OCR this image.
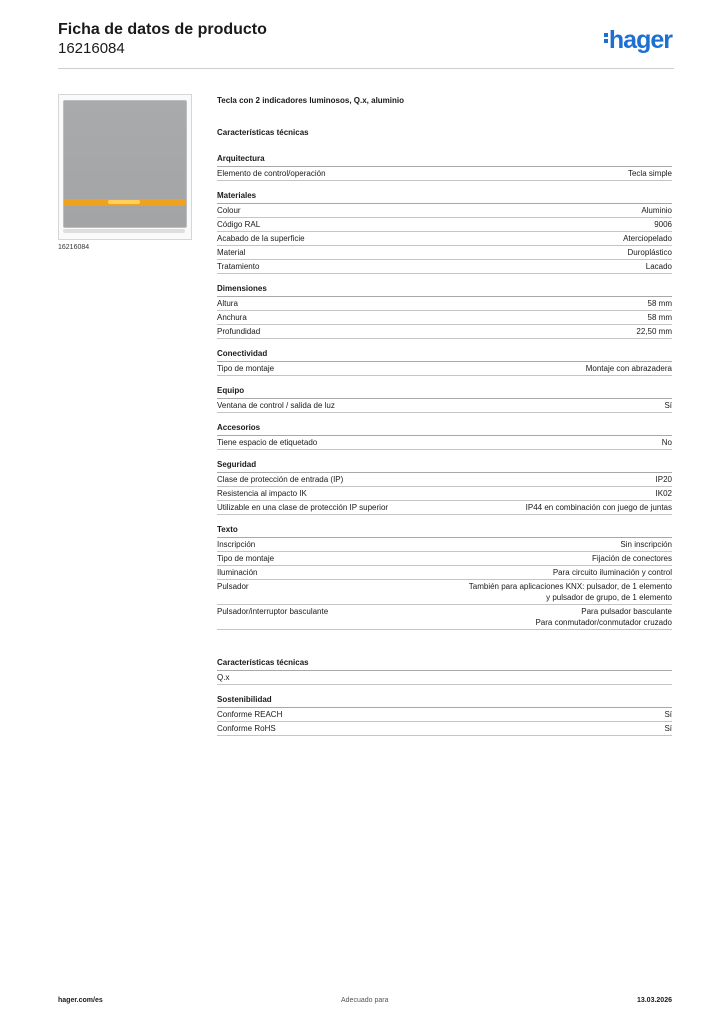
Ficha de datos de producto
16216084	hager
16216084
Tecla con 2 indicadores luminosos, Q.x, aluminio
Características técnicas
Arquitectura
Elemento de control/operación	Tecla simple
Materiales
Colour	Aluminio
Código RAL	9006
Acabado de la superficie	Aterciopelado
Material	Duroplástico
Tratamiento	Lacado
Dimensiones
Altura	58 mm
Anchura	58 mm
Profundidad	22,50 mm
Conectividad
Tipo de montaje	Montaje con abrazadera
Equipo
Ventana de control / salida de luz	Sí
Accesorios
Tiene espacio de etiquetado	No
Seguridad
Clase de protección de entrada (IP)	IP20
Resistencia al impacto IK	IK02
Utilizable en una clase de protección IP superior	IP44 en combinación con juego de juntas
Texto
Inscripción	Sin inscripción
Tipo de montaje	Fijación de conectores
Iluminación	Para circuito iluminación y control
Pulsador	También para aplicaciones KNX: pulsador, de 1 elemento
y pulsador de grupo, de 1 elemento
Pulsador/interruptor basculante	Para pulsador basculante
Para conmutador/conmutador cruzado
Características técnicas
Q.x
Sostenibilidad
Conforme REACH	Sí
Conforme RoHS	Sí
hager.com/es	Adecuado para	13.03.2026
